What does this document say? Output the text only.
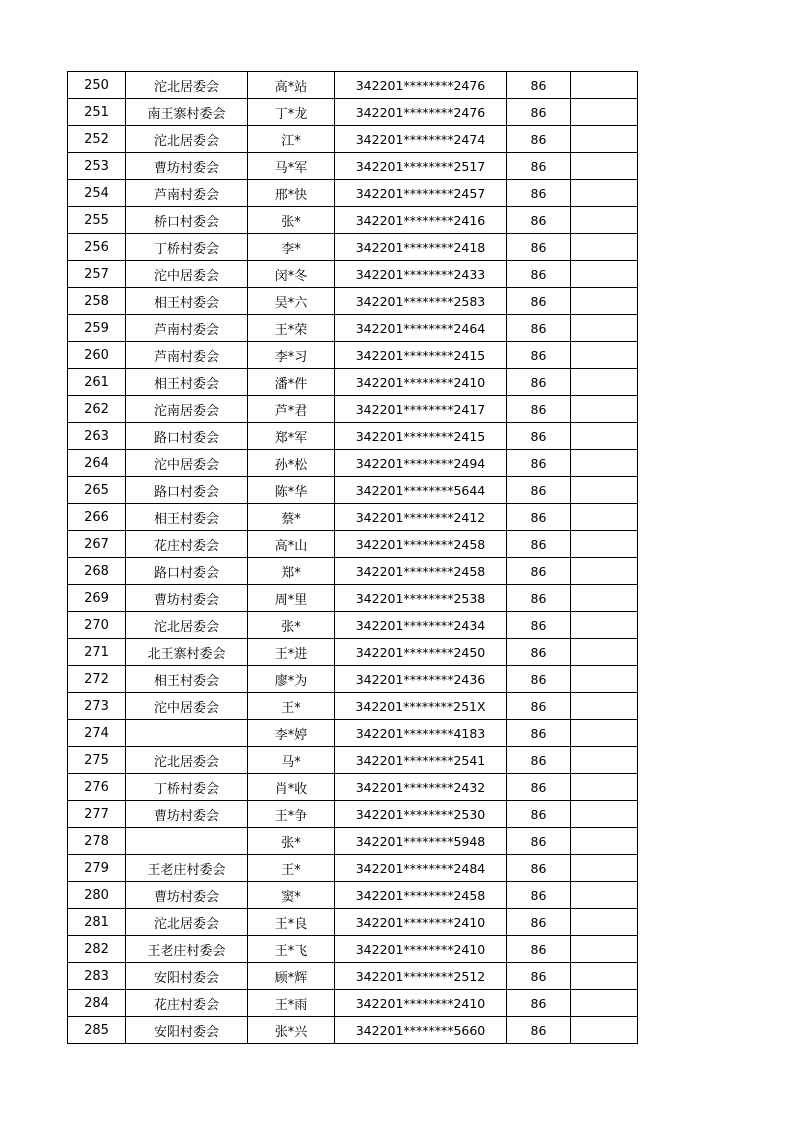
250	沱北居委会	高*站	342201********2476	86	
251	南王寨村委会	丁*龙	342201********2476	86	
252	沱北居委会	江*	342201********2474	86	
253	曹坊村委会	马*军	342201********2517	86	
254	芦南村委会	邢*快	342201********2457	86	
255	桥口村委会	张*	342201********2416	86	
256	丁桥村委会	李*	342201********2418	86	
257	沱中居委会	闵*冬	342201********2433	86	
258	相王村委会	吴*六	342201********2583	86	
259	芦南村委会	王*荣	342201********2464	86	
260	芦南村委会	李*习	342201********2415	86	
261	相王村委会	潘*件	342201********2410	86	
262	沱南居委会	芦*君	342201********2417	86	
263	路口村委会	郑*军	342201********2415	86	
264	沱中居委会	孙*松	342201********2494	86	
265	路口村委会	陈*华	342201********5644	86	
266	相王村委会	蔡*	342201********2412	86	
267	花庄村委会	高*山	342201********2458	86	
268	路口村委会	郑*	342201********2458	86	
269	曹坊村委会	周*里	342201********2538	86	
270	沱北居委会	张*	342201********2434	86	
271	北王寨村委会	王*进	342201********2450	86	
272	相王村委会	廖*为	342201********2436	86	
273	沱中居委会	王*	342201********251X	86	
274		李*婷	342201********4183	86	
275	沱北居委会	马*	342201********2541	86	
276	丁桥村委会	肖*收	342201********2432	86	
277	曹坊村委会	王*争	342201********2530	86	
278		张*	342201********5948	86	
279	王老庄村委会	王*	342201********2484	86	
280	曹坊村委会	窦*	342201********2458	86	
281	沱北居委会	王*良	342201********2410	86	
282	王老庄村委会	王*飞	342201********2410	86	
283	安阳村委会	顾*辉	342201********2512	86	
284	花庄村委会	王*雨	342201********2410	86	
285	安阳村委会	张*兴	342201********5660	86	
